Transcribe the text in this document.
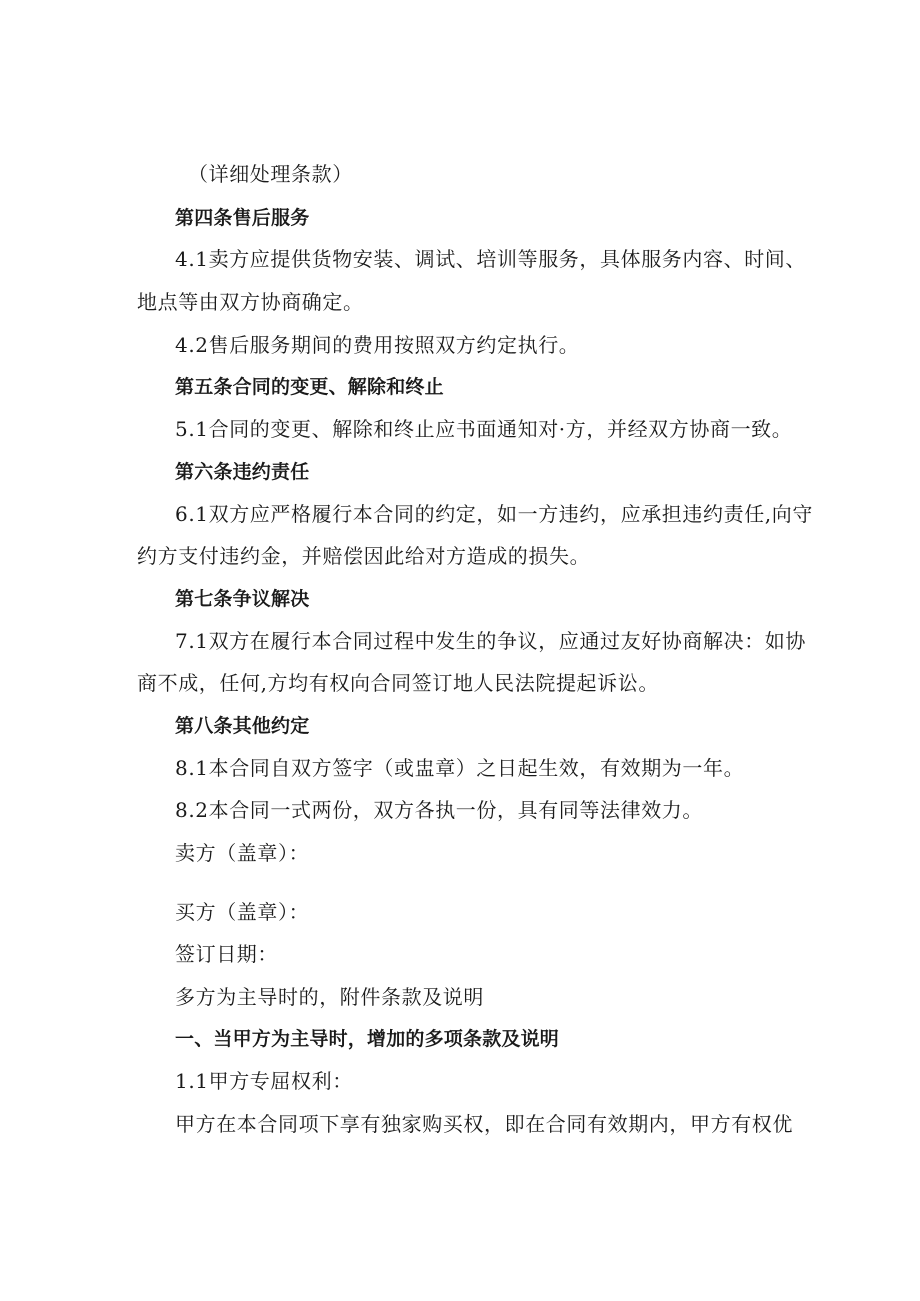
（详细处理条款）
第四条售后服务
4.1卖方应提供货物安装、调试、培训等服务，具体服务内容、时间、
地点等由双方协商确定。
4.2售后服务期间的费用按照双方约定执行。
第五条合同的变更、解除和终止
5.1合同的变更、解除和终止应书面通知对·方，并经双方协商一致。
第六条违约责任
6.1双方应严格履行本合同的约定，如一方违约，应承担违约责任,向守
约方支付违约金，并赔偿因此给对方造成的损失。
第七条争议解决
7.1双方在履行本合同过程中发生的争议，应通过友好协商解决：如协
商不成，任何,方均有权向合同签订地人民法院提起诉讼。
第八条其他约定
8.1本合同自双方签字（或盅章）之日起生效，有效期为一年。
8.2本合同一式两份，双方各执一份，具有同等法律效力。
卖方（盖章）：
买方（盖章）：
签订日期：
多方为主导时的，附件条款及说明
一、当甲方为主导时，增加的多项条款及说明
1.1甲方专屈权利：
甲方在本合同项下享有独家购买权，即在合同有效期内，甲方有权优
